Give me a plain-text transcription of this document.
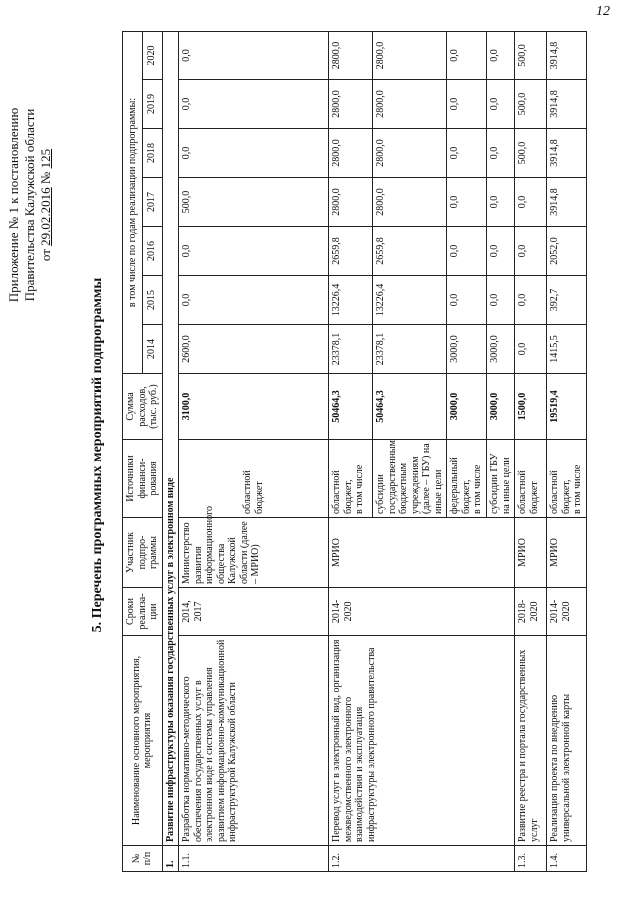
12
Приложение № 1 к постановлению Правительства Калужской области от 29.02.2016 № 125
5. Перечень программных мероприятий подпрограммы
№ п/п	Наименование основного мероприятия, мероприятия	Сроки реализа-ции	Участник подпро-граммы	Источники финанси-рования	Сумма расходов, (тыс. руб.)	в том числе по годам реализации подпрограммы:						
						2014	2015	2016	2017	2018	2019	2020
1.	Развитие инфраструктуры оказания государственных услуг в электронном виде											
1.1.	Разработка нормативно-методического обеспечения государственных услуг в электронном виде и системы управления развитием информационно-коммуникационной инфраструктурой Калужской области	2014, 2017	Министерство развития информационного общества Калужской области (далее – МРИО)	областной бюджет	3100,0	2600,0	0,0	0,0	500,0	0,0	0,0	0,0
1.2.	Перевод услуг в электронный вид, организация межведомственного электронного взаимодействия и эксплуатация инфраструктуры электронного правительства	2014-2020	МРИО	областной бюджет, в том числе	50464,3	23378,1	13226,4	2659,8	2800,0	2800,0	2800,0	2800,0
				субсидии государственным бюджетным учреждениям (далее – ГБУ) на иные цели	50464,3	23378,1	13226,4	2659,8	2800,0	2800,0	2800,0	2800,0

				федеральный бюджет, в том числе	3000,0	3000,0	0,0	0,0	0,0	0,0	0,0	0,0
				субсидии ГБУ на иные цели	3000,0	3000,0	0,0	0,0	0,0	0,0	0,0	0,0
1.3.	Развитие реестра и портала государственных услуг	2018-2020	МРИО	областной бюджет	1500,0	0,0	0,0	0,0	0,0	500,0	500,0	500,0
1.4.	Реализация проекта по внедрению универсальной электронной карты	2014-2020	МРИО	областной бюджет, в том числе	19519,4	1415,5	392,7	2052,0	3914,8	3914,8	3914,8	3914,8
